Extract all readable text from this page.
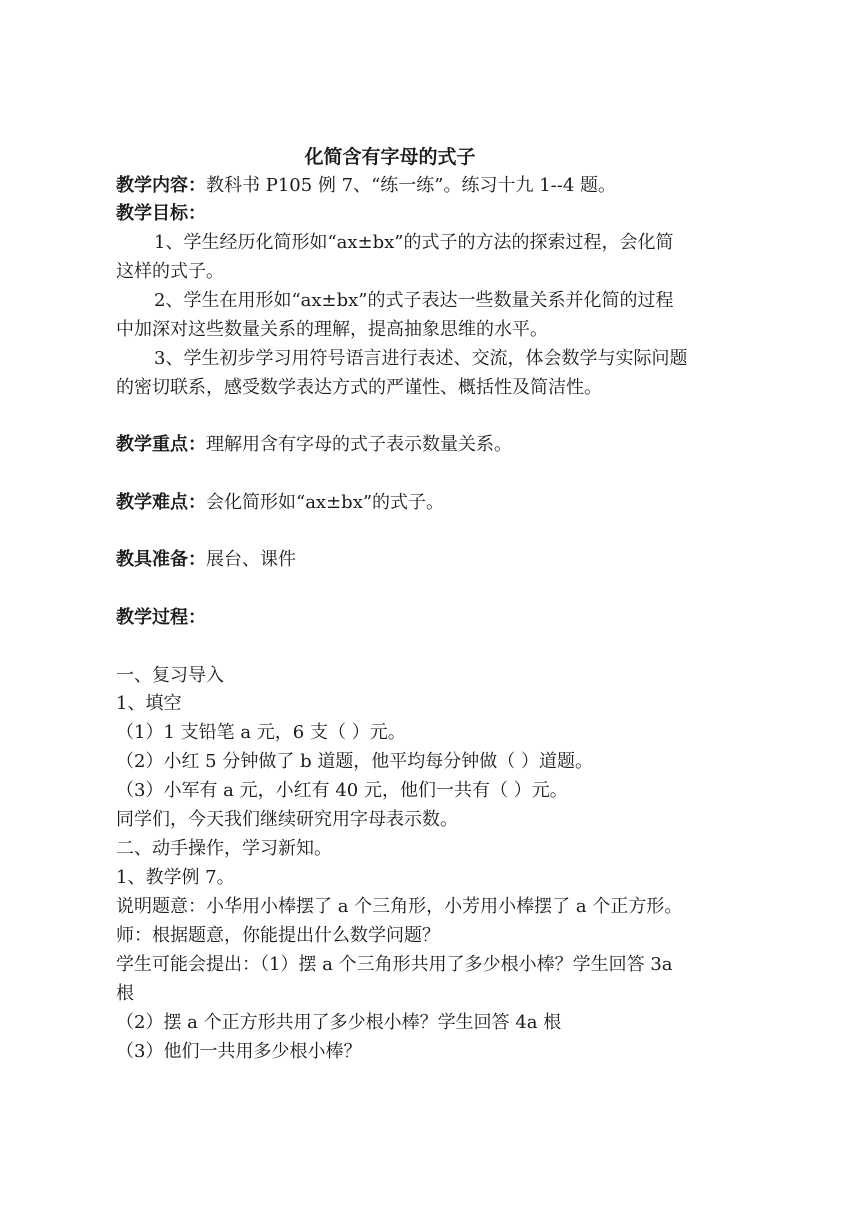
化简含有字母的式子
教学内容：教科书 P105 例 7、“练一练”。练习十九 1--4 题。
教学目标：
1、学生经历化简形如“ax±bx”的式子的方法的探索过程，会化简
这样的式子。
2、学生在用形如“ax±bx”的式子表达一些数量关系并化简的过程
中加深对这些数量关系的理解，提高抽象思维的水平。
3、学生初步学习用符号语言进行表述、交流，体会数学与实际问题
的密切联系，感受数学表达方式的严谨性、概括性及简洁性。
教学重点：理解用含有字母的式子表示数量关系。
教学难点：会化简形如“ax±bx”的式子。
教具准备：展台、课件
教学过程：
一、复习导入
1、填空
（1）1 支铅笔 a 元，6 支（ ）元。
（2）小红 5 分钟做了 b 道题，他平均每分钟做（ ）道题。
（3）小军有 a 元，小红有 40 元，他们一共有（ ）元。
同学们，今天我们继续研究用字母表示数。
二、动手操作，学习新知。
1、教学例 7。
说明题意：小华用小棒摆了 a 个三角形，小芳用小棒摆了 a 个正方形。
师：根据题意，你能提出什么数学问题？
学生可能会提出：（1）摆 a 个三角形共用了多少根小棒？学生回答 3a
根
（2）摆 a 个正方形共用了多少根小棒？学生回答 4a 根
（3）他们一共用多少根小棒？
